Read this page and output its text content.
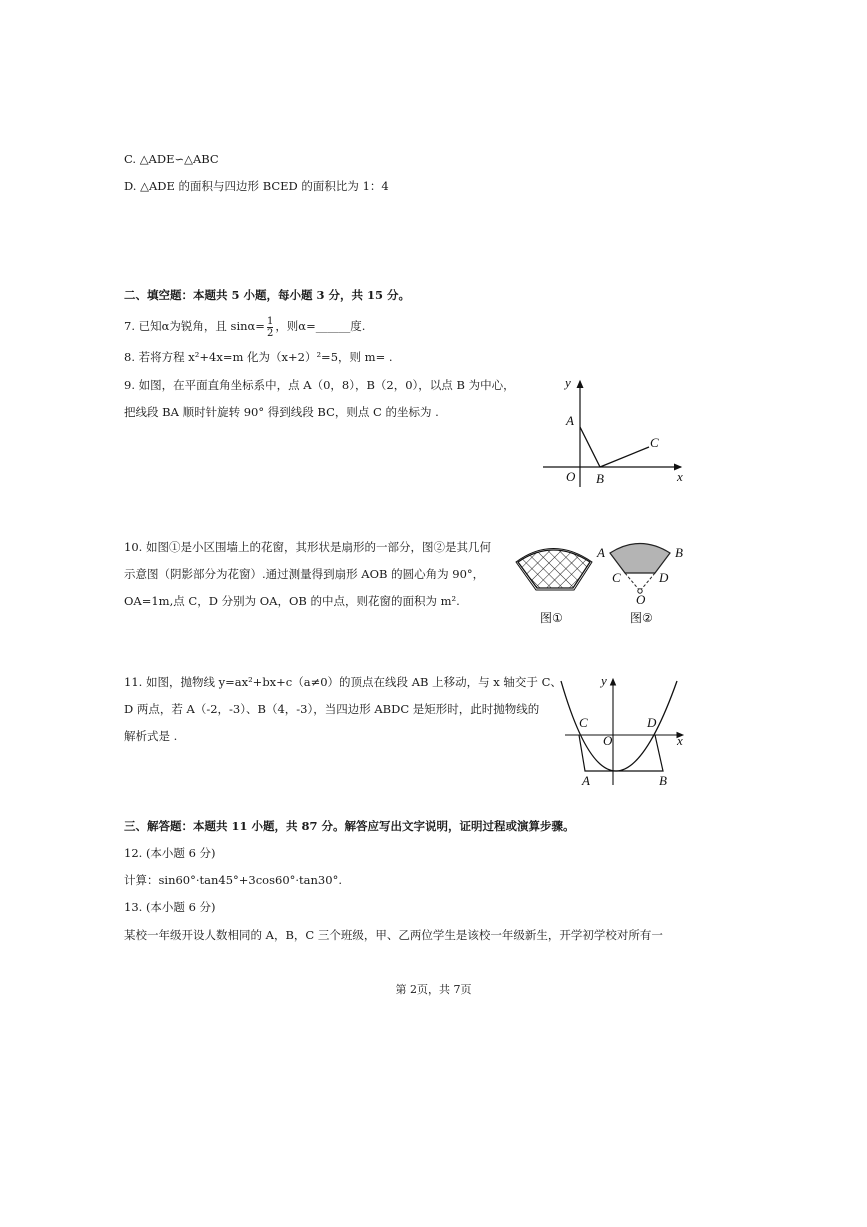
C. △ADE∽△ABC
D. △ADE 的面积与四边形 BCED 的面积比为 1：4
二、填空题：本题共 5 小题，每小题 3 分，共 15 分。
7. 已知α为锐角，且 $\sin\alpha= \frac{1}{2}$ ，则α=______度.
8. 若将方程 x²+4x=m 化为（x+2）²=5，则 m= .
9. 如图，在平面直角坐标系中，点 A（0，8），B（2，0），以点 B 为中心，
把线段 BA 顺时针旋转 90° 得到线段 BC，则点 C 的坐标为 .
y
x
A
B
C
O
10. 如图①是小区围墙上的花窗，其形状是扇形的一部分，图②是其几何
示意图（阴影部分为花窗）.通过测量得到扇形 AOB 的圆心角为 90°，
OA=1m,点 C，D 分别为 OA，OB 的中点，则花窗的面积为 m².
图①
A	B
C	D
O
图②
11. 如图，抛物线 y=ax²+bx+c（a≠0）的顶点在线段 AB 上移动，与 x 轴交于 C、
D 两点，若 A（-2，-3）、B（4，-3），当四边形 ABDC 是矩形时，此时抛物线的
解析式是 .
y
x
C	D
O
A	B
三、解答题：本题共 11 小题，共 87 分。解答应写出文字说明，证明过程或演算步骤。
12. (本小题 6 分)
计算：sin60°·tan45°+3cos60°·tan30°.
13. (本小题 6 分)
某校一年级开设人数相同的 A，B，C 三个班级，甲、乙两位学生是该校一年级新生，开学初学校对所有一
第 2页，共 7页
